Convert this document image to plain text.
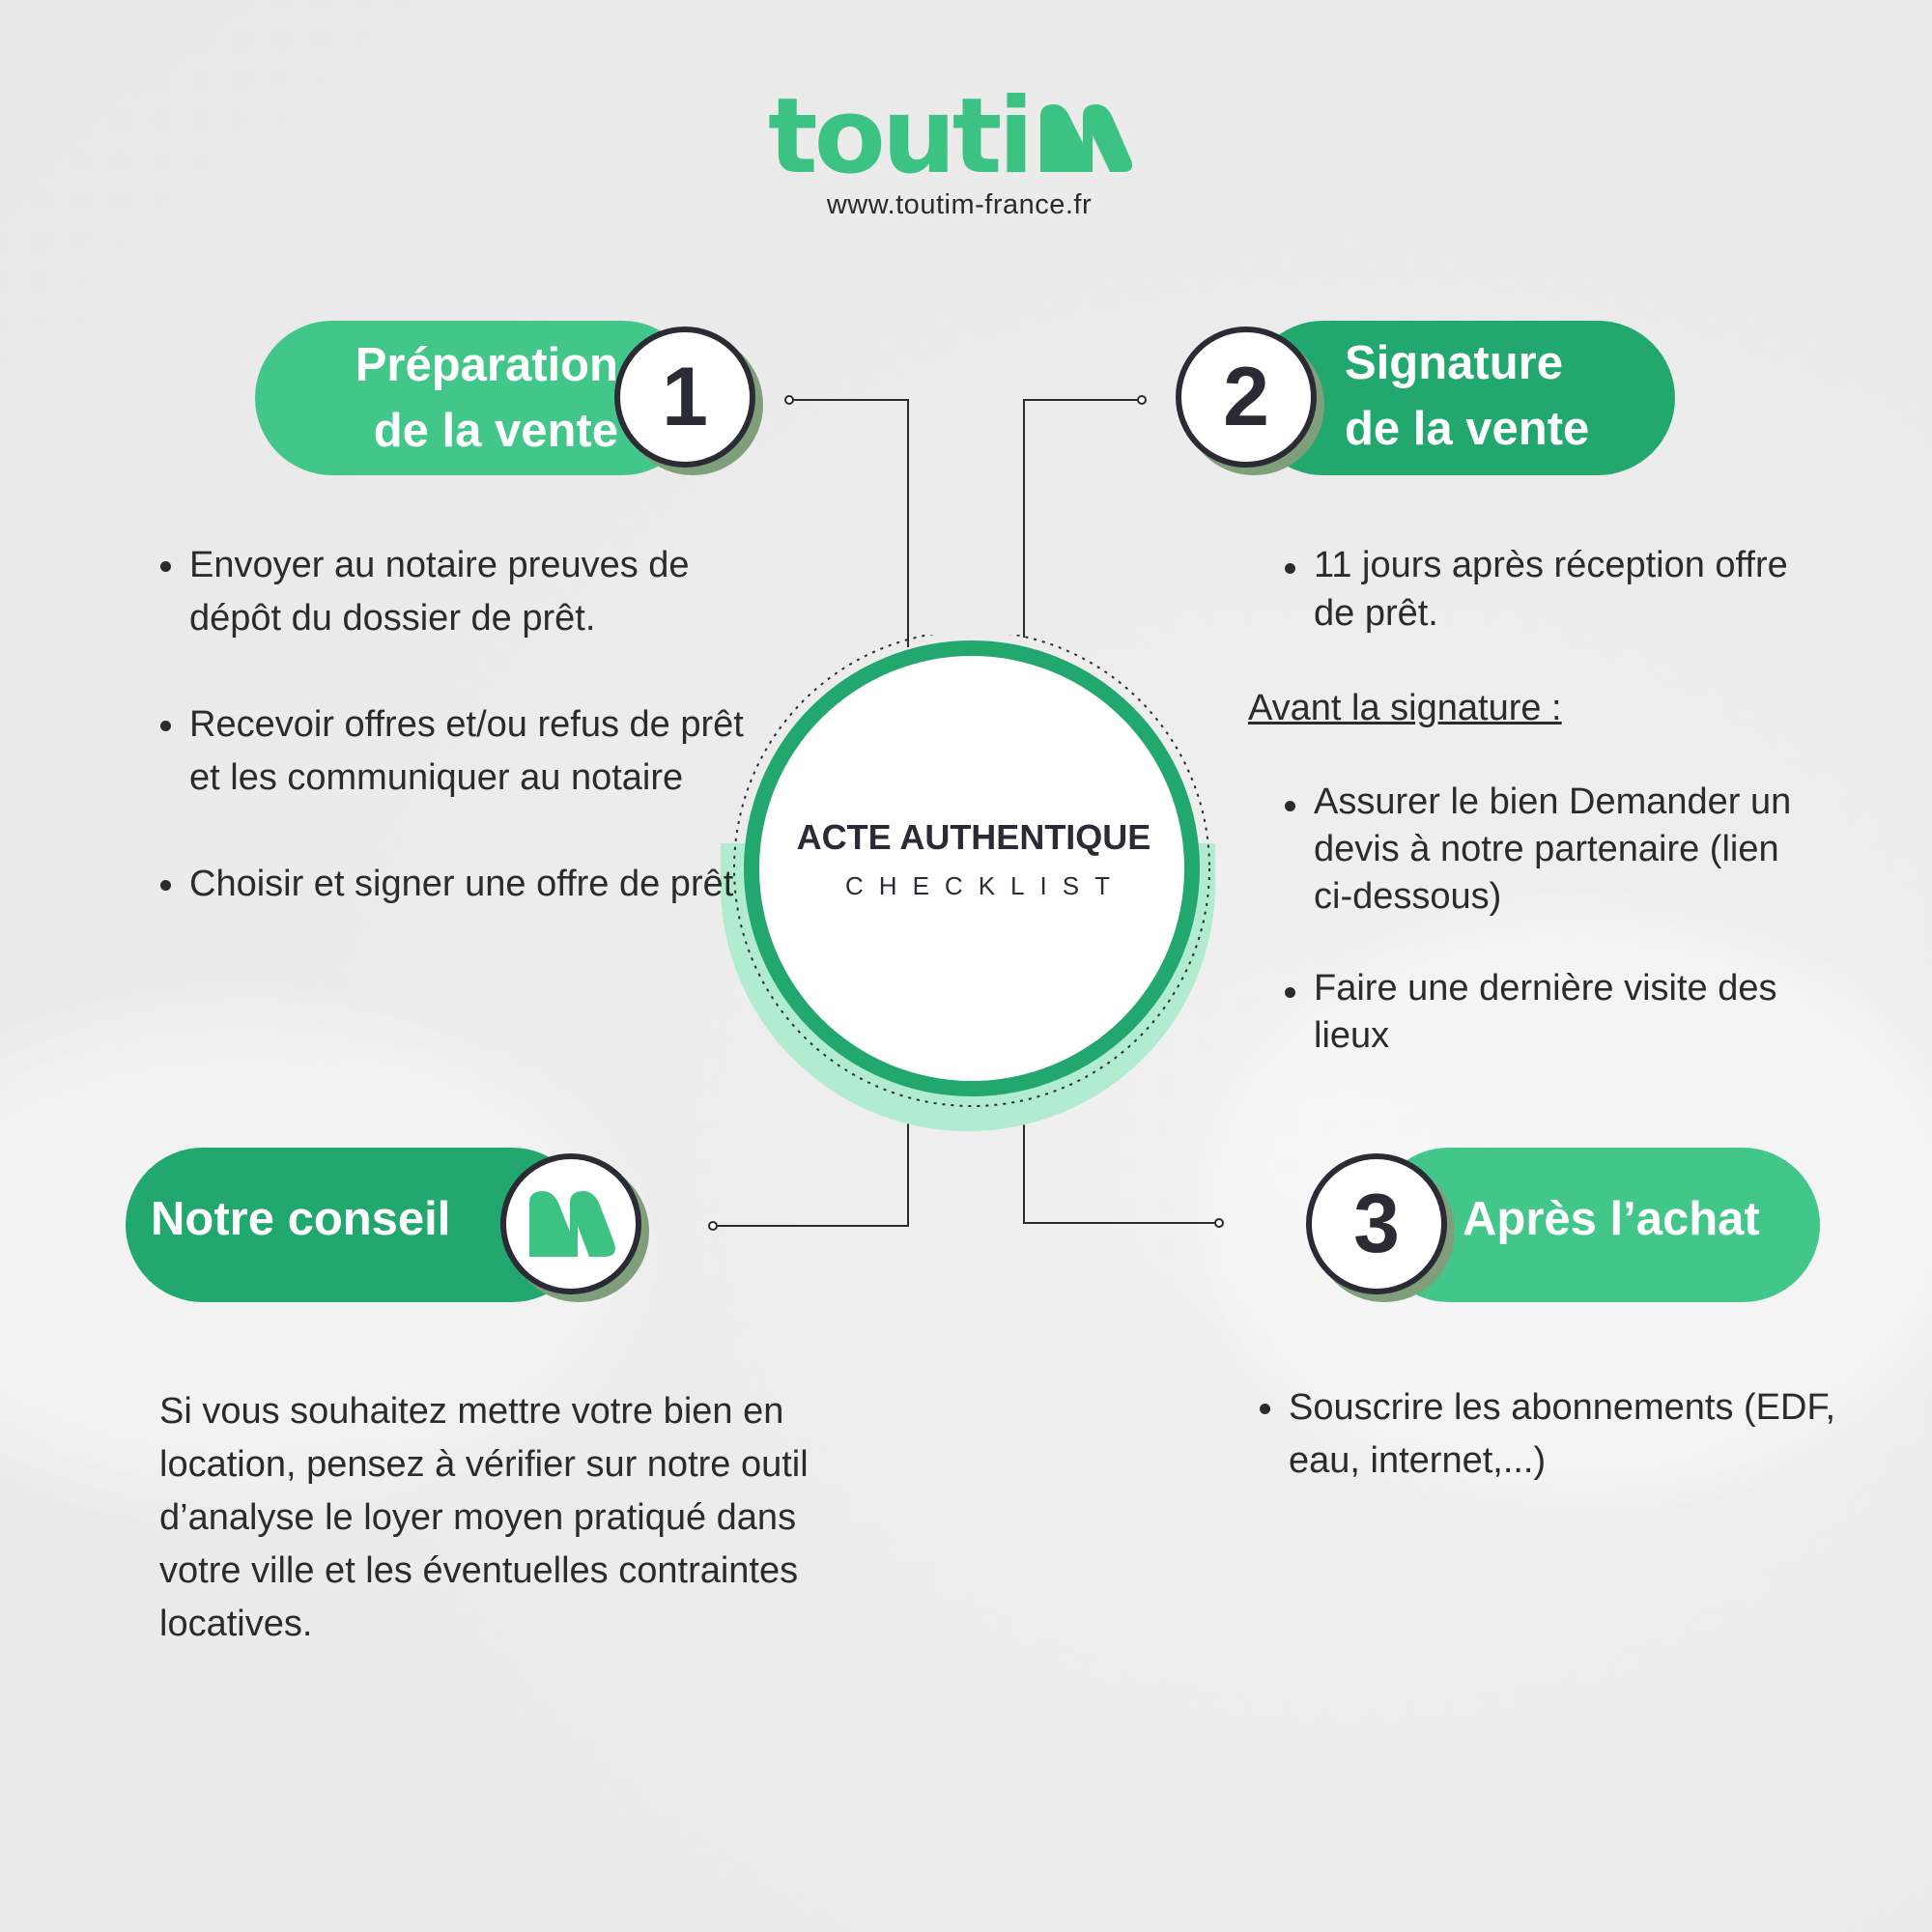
touti
www.toutim-france.fr
ACTE AUTHENTIQUE
CHECKLIST
Préparation
de la vente 1	Signature
de la vente
2
Après l’achat
3
Notre conseil
Envoyer au notaire preuves de dépôt du dossier de prêt.
Recevoir offres et/ou refus de prêt et les communiquer au notaire
Choisir et signer une offre de prêt
11 jours après réception offre de prêt.
Avant la signature :
Assurer le bien Demander un devis à notre partenaire (lien ci-dessous)
Faire une dernière visite des lieux
Souscrire les abonnements (EDF, eau, internet,...)
Si vous souhaitez mettre votre bien en location, pensez à vérifier sur notre outil d’analyse le loyer moyen pratiqué dans votre ville et les éventuelles contraintes locatives.
